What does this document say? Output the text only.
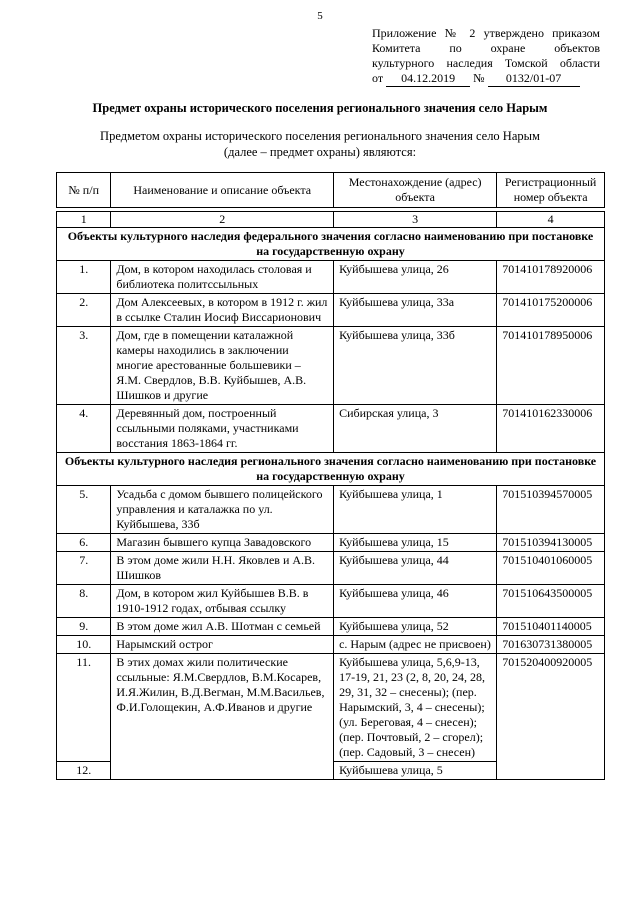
5
Приложение № 2 утверждено приказом
Комитета по охране объектов
культурного наследия Томской области
от 04.12.2019 № 0132/01-07
Предмет охраны исторического поселения регионального значения село Нарым
Предметом охраны исторического поселения регионального значения село Нарым (далее – предмет охраны) являются:
№ п/п	Наименование и описание объекта	Местонахождение (адрес) объекта	Регистрационный номер объекта
1	2	3	4
Объекты культурного наследия федерального значения согласно наименованию при постановке на государственную охрану			
1.	Дом, в котором находилась столовая и библиотека политссыльных	Куйбышева улица, 26	701410178920006
2.	Дом Алексеевых, в котором в 1912 г. жил в ссылке Сталин Иосиф Виссарионович	Куйбышева улица, 33а	701410175200006
3.	Дом, где в помещении каталажной камеры находились в заключении многие арестованные большевики – Я.М. Свердлов, В.В. Куйбышев, А.В. Шишков и другие	Куйбышева улица, 33б	701410178950006
4.	Деревянный дом, построенный ссыльными поляками, участниками восстания 1863-1864 гг.	Сибирская улица, 3	701410162330006
Объекты культурного наследия регионального значения согласно наименованию при постановке на государственную охрану			
5.	Усадьба с домом бывшего полицейского управления и каталажка по ул. Куйбышева, 33б	Куйбышева улица, 1	701510394570005
6.	Магазин бывшего купца Завадовского	Куйбышева улица, 15	701510394130005
7.	В этом доме жили Н.Н. Яковлев и А.В. Шишков	Куйбышева улица, 44	701510401060005
8.	Дом, в котором жил Куйбышев В.В. в 1910-1912 годах, отбывая ссылку	Куйбышева улица, 46	701510643500005
9.	В этом доме жил А.В. Шотман с семьей	Куйбышева улица, 52	701510401140005
10.	Нарымский острог	с. Нарым (адрес не присвоен)	701630731380005
11.	В этих домах жили политические ссыльные: Я.М.Свердлов, В.М.Косарев, И.Я.Жилин, В.Д.Вегман, М.М.Васильев, Ф.И.Голощекин, А.Ф.Иванов и другие	Куйбышева улица, 5,6,9-13, 17-19, 21, 23 (2, 8, 20, 24, 28, 29, 31, 32 – снесены); (пер. Нарымский, 3, 4 – снесены); (ул. Береговая, 4 – снесен); (пер. Почтовый, 2 – сгорел); (пер. Садовый, 3 – снесен)	701520400920005
12.		Куйбышева улица, 5	
